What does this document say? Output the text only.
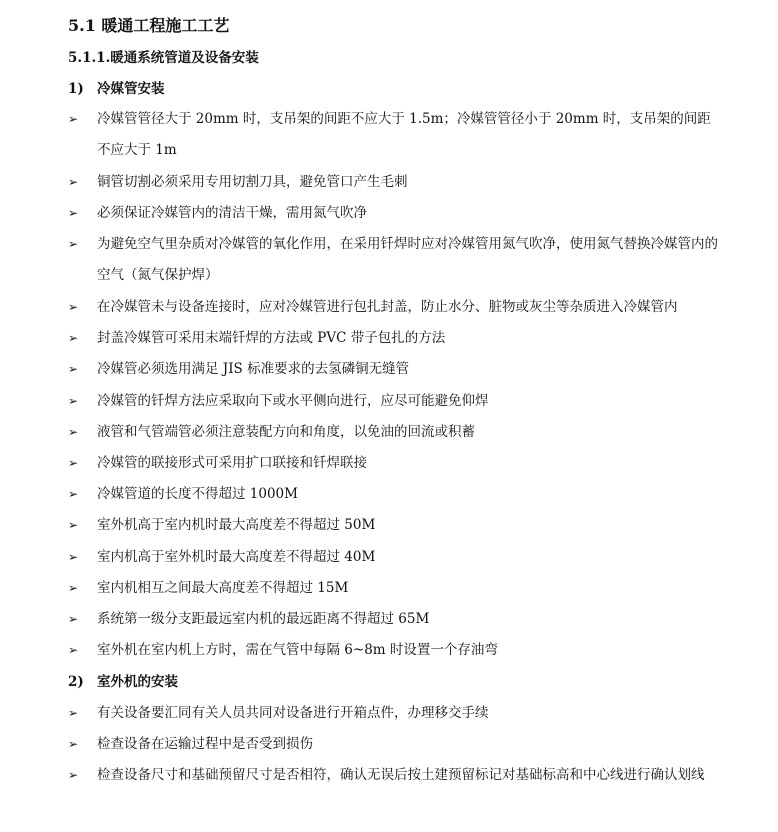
5.1 暖通工程施工工艺
5.1.1.暖通系统管道及设备安装
1) 冷媒管安装
➢ 冷媒管管径大于 20mm 时，支吊架的间距不应大于 1.5m；冷媒管管径小于 20mm 时，支吊架的间距不应大于 1m
➢ 铜管切割必须采用专用切割刀具，避免管口产生毛刺
➢ 必须保证冷媒管内的清洁干燥，需用氮气吹净
➢ 为避免空气里杂质对冷媒管的氧化作用，在采用钎焊时应对冷媒管用氮气吹净，使用氮气替换冷媒管内的空气（氮气保护焊）
➢ 在冷媒管未与设备连接时，应对冷媒管进行包扎封盖，防止水分、脏物或灰尘等杂质进入冷媒管内
➢ 封盖冷媒管可采用末端钎焊的方法或 PVC 带子包扎的方法
➢ 冷媒管必须选用满足 JIS 标准要求的去氢磷铜无缝管
➢ 冷媒管的钎焊方法应采取向下或水平侧向进行，应尽可能避免仰焊
➢ 液管和气管端管必须注意装配方向和角度，以免油的回流或积蓄
➢ 冷媒管的联接形式可采用扩口联接和钎焊联接
➢ 冷媒管道的长度不得超过 1000M
➢ 室外机高于室内机时最大高度差不得超过 50M
➢ 室内机高于室外机时最大高度差不得超过 40M
➢ 室内机相互之间最大高度差不得超过 15M
➢ 系统第一级分支距最远室内机的最远距离不得超过 65M
➢ 室外机在室内机上方时，需在气管中每隔 6~8m 时设置一个存油弯
2) 室外机的安装
➢ 有关设备要汇同有关人员共同对设备进行开箱点件，办理移交手续
➢ 检查设备在运输过程中是否受到损伤
➢ 检查设备尺寸和基础预留尺寸是否相符，确认无误后按土建预留标记对基础标高和中心线进行确认划线
